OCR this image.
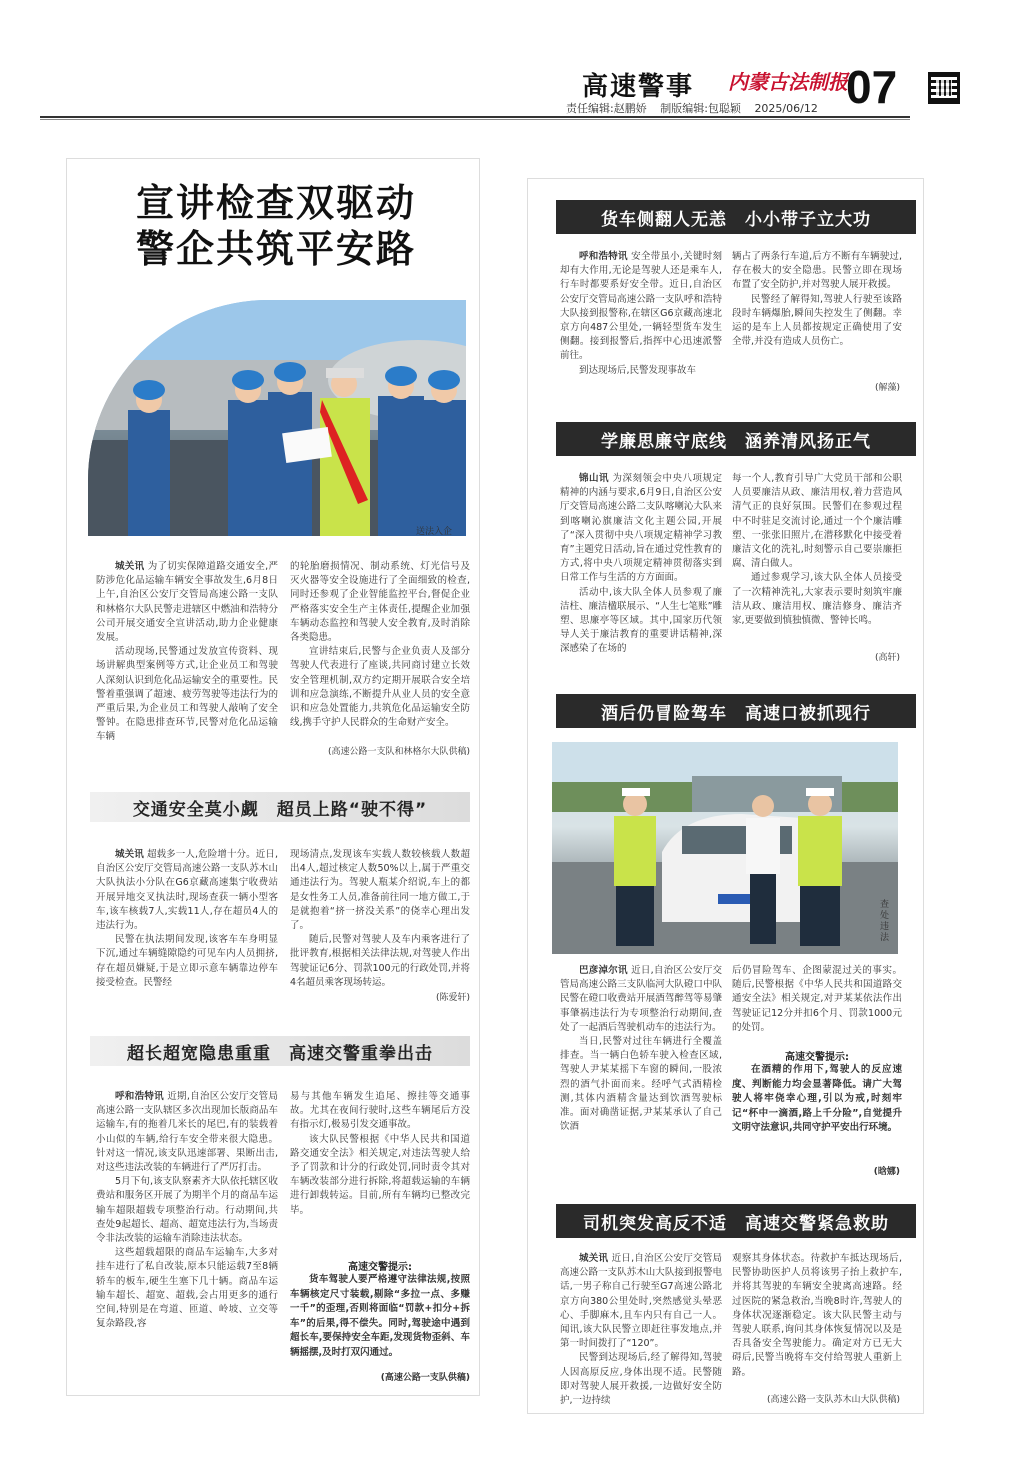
高速警事 内蒙古法制报
07
责任编辑:赵鹏娇 制版编辑:包聪颖 2025/06/12
宣讲检查双驱动
警企共筑平安路
送法入企

城关讯 为了切实保障道路交通安全,严防涉危化品运输车辆安全事故发生,6月8日上午,自治区公安厅交管局高速公路一支队和林格尔大队民警走进辖区中燃油和浩特分公司开展交通安全宣讲活动,助力企业健康发展。

活动现场,民警通过发放宣传资料、现场讲解典型案例等方式,让企业员工和驾驶人深刻认识到危化品运输安全的重要性。民警着重强调了超速、疲劳驾驶等违法行为的严重后果,为企业员工和驾驶人敲响了安全警钟。在隐患排查环节,民警对危化品运输车辆

的轮胎磨损情况、制动系统、灯光信号及灭火器等安全设施进行了全面细致的检查,同时还参观了企业智能监控平台,督促企业严格落实安全生产主体责任,提醒企业加强车辆动态监控和驾驶人安全教育,及时消除各类隐患。

宣讲结束后,民警与企业负责人及部分驾驶人代表进行了座谈,共同商讨建立长效安全管理机制,双方约定期开展联合安全培训和应急演练,不断提升从业人员的安全意识和应急处置能力,共筑危化品运输安全防线,携手守护人民群众的生命财产安全。

(高速公路一支队和林格尔大队供稿)
交通安全莫小觑　超员上路“驶不得”

城关讯 超载多一人,危险增十分。近日,自治区公安厅交管局高速公路一支队苏木山大队执法小分队在G6京藏高速集宁收费站开展异地交叉执法时,现场查获一辆小型客车,该车核载7人,实载11人,存在超员4人的违法行为。

民警在执法期间发现,该客车车身明显下沉,通过车辆缝隙隐约可见车内人员拥挤,存在超员嫌疑,于是立即示意车辆靠边停车接受检查。民警经

现场清点,发现该车实载人数较核载人数超出4人,超过核定人数50%以上,属于严重交通违法行为。驾驶人瓶某介绍说,车上的都是女性务工人员,准备前往同一地方做工,于是就抱着“挤一挤没关系”的侥幸心理出发了。

随后,民警对驾驶人及车内乘客进行了批评教育,根据相关法律法规,对驾驶人作出驾驶证记6分、罚款100元的行政处罚,并将4名超员乘客现场转运。

(陈爱轩)
超长超宽隐患重重　高速交警重拳出击

呼和浩特讯 近期,自治区公安厅交管局高速公路一支队辖区多次出现加长版商品车运输车,有的拖着几米长的尾巴,有的装载着小山似的车辆,给行车安全带来很大隐患。针对这一情况,该支队迅速部署、果断出击,对这些违法改装的车辆进行了严厉打击。

5月下旬,该支队察素齐大队依托辖区收费站和服务区开展了为期半个月的商品车运输车超限超载专项整治行动。行动期间,共查处9起超长、超高、超宽违法行为,当场责令非法改装的运输车消除违法状态。

这些超载超限的商品车运输车,大多对挂车进行了私自改装,原本只能运载7至8辆轿车的板车,硬生生塞下几十辆。商品车运输车超长、超宽、超载,会占用更多的通行空间,特别是在弯道、匝道、岭坡、立交等复杂路段,容

易与其他车辆发生追尾、擦挂等交通事故。尤其在夜间行驶时,这些车辆尾后方没有指示灯,极易引发交通事故。

该大队民警根据《中华人民共和国道路交通安全法》相关规定,对违法驾驶人给予了罚款和计分的行政处罚,同时责令其对车辆改装部分进行拆除,将超载运输的车辆进行卸载转运。目前,所有车辆均已整改完毕。

高速交警提示:

货车驾驶人要严格遵守法律法规,按照车辆核定尺寸装载,剔除“多拉一点、多赚一千”的歪理,否则将面临“罚款+扣分+拆车”的后果,得不偿失。同时,驾驶途中遇到超长车,要保持安全车距,发现货物歪斜、车辆摇摆,及时打双闪通过。

(高速公路一支队供稿)
货车侧翻人无恙　小小带子立大功

呼和浩特讯 安全带虽小,关键时刻却有大作用,无论是驾驶人还是乘车人,行车时都要系好安全带。近日,自治区公安厅交管局高速公路一支队呼和浩特大队接到报警称,在辖区G6京藏高速北京方向487公里处,一辆轻型货车发生侧翻。接到报警后,指挥中心迅速派警前往。

到达现场后,民警发现事故车

辆占了两条行车道,后方不断有车辆驶过,存在极大的安全隐患。民警立即在现场布置了安全防护,并对驾驶人展开救援。

民警经了解得知,驾驶人行驶至该路段时车辆爆胎,瞬间失控发生了侧翻。幸运的是车上人员都按规定正确使用了安全带,并没有造成人员伤亡。

(解藻)
学廉思廉守底线　涵养清风扬正气

锦山讯 为深刻领会中央八项规定精神的内涵与要求,6月9日,自治区公安厅交管局高速公路二支队喀喇沁大队来到喀喇沁旗廉洁文化主题公园,开展了“深入贯彻中央八项规定精神学习教育”主题党日活动,旨在通过党性教育的方式,将中央八项规定精神贯彻落实到日常工作与生活的方方面面。

活动中,该大队全体人员参观了廉洁柱、廉洁楹联展示、“人生七笔账”雕塑、思廉亭等区域。其中,国家历代领导人关于廉洁教育的重要讲话精神,深深感染了在场的

每一个人,教育引导广大党员干部和公职人员要廉洁从政、廉洁用权,着力营造风清气正的良好氛围。民警们在参观过程中不时驻足交流讨论,通过一个个廉洁雕塑、一张张旧照片,在潜移默化中接受着廉洁文化的洗礼,时刻警示自己要崇廉拒腐、清白做人。

通过参观学习,该大队全体人员接受了一次精神洗礼,大家表示要时刻筑牢廉洁从政、廉洁用权、廉洁修身、廉洁齐家,更要做到慎独慎微、警钟长鸣。

(高轩)
酒后仍冒险驾车　高速口被抓现行
查处违法

巴彦淖尔讯 近日,自治区公安厅交管局高速公路三支队临河大队磴口中队民警在磴口收费站开展酒驾醉驾等易肇事肇祸违法行为专项整治行动期间,查处了一起酒后驾驶机动车的违法行为。

当日,民警对过往车辆进行全覆盖排查。当一辆白色轿车驶入检查区域,驾驶人尹某某摇下车窗的瞬间,一股浓烈的酒气扑面而来。经呼气式酒精检测,其体内酒精含量达到饮酒驾驶标准。面对确凿证据,尹某某承认了自己饮酒

后仍冒险驾车、企图蒙混过关的事实。随后,民警根据《中华人民共和国道路交通安全法》相关规定,对尹某某依法作出驾驶证记12分并扣6个月、罚款1000元的处罚。

高速交警提示:

在酒精的作用下,驾驶人的反应速度、判断能力均会显著降低。请广大驾驶人将牢侥幸心理,引以为戒,时刻牢记“杯中一滴酒,路上千分险”,自觉提升文明守法意识,共同守护平安出行环境。

(晗娜)
司机突发高反不适　高速交警紧急救助

城关讯 近日,自治区公安厅交管局高速公路一支队苏木山大队接到报警电话,一男子称自己行驶至G7高速公路北京方向380公里处时,突然感觉头晕恶心、手脚麻木,且车内只有自己一人。闻讯,该大队民警立即赶往事发地点,并第一时间拨打了“120”。

民警到达现场后,经了解得知,驾驶人因高原反应,身体出现不适。民警随即对驾驶人展开救援,一边做好安全防护,一边持续

观察其身体状态。待救护车抵达现场后,民警协助医护人员将该男子抬上救护车,并将其驾驶的车辆安全驶离高速路。经过医院的紧急救治,当晚8时许,驾驶人的身体状况逐渐稳定。该大队民警主动与驾驶人联系,询问其身体恢复情况以及是否具备安全驾驶能力。确定对方已无大碍后,民警当晚将车交付给驾驶人重新上路。

(高速公路一支队苏木山大队供稿)
